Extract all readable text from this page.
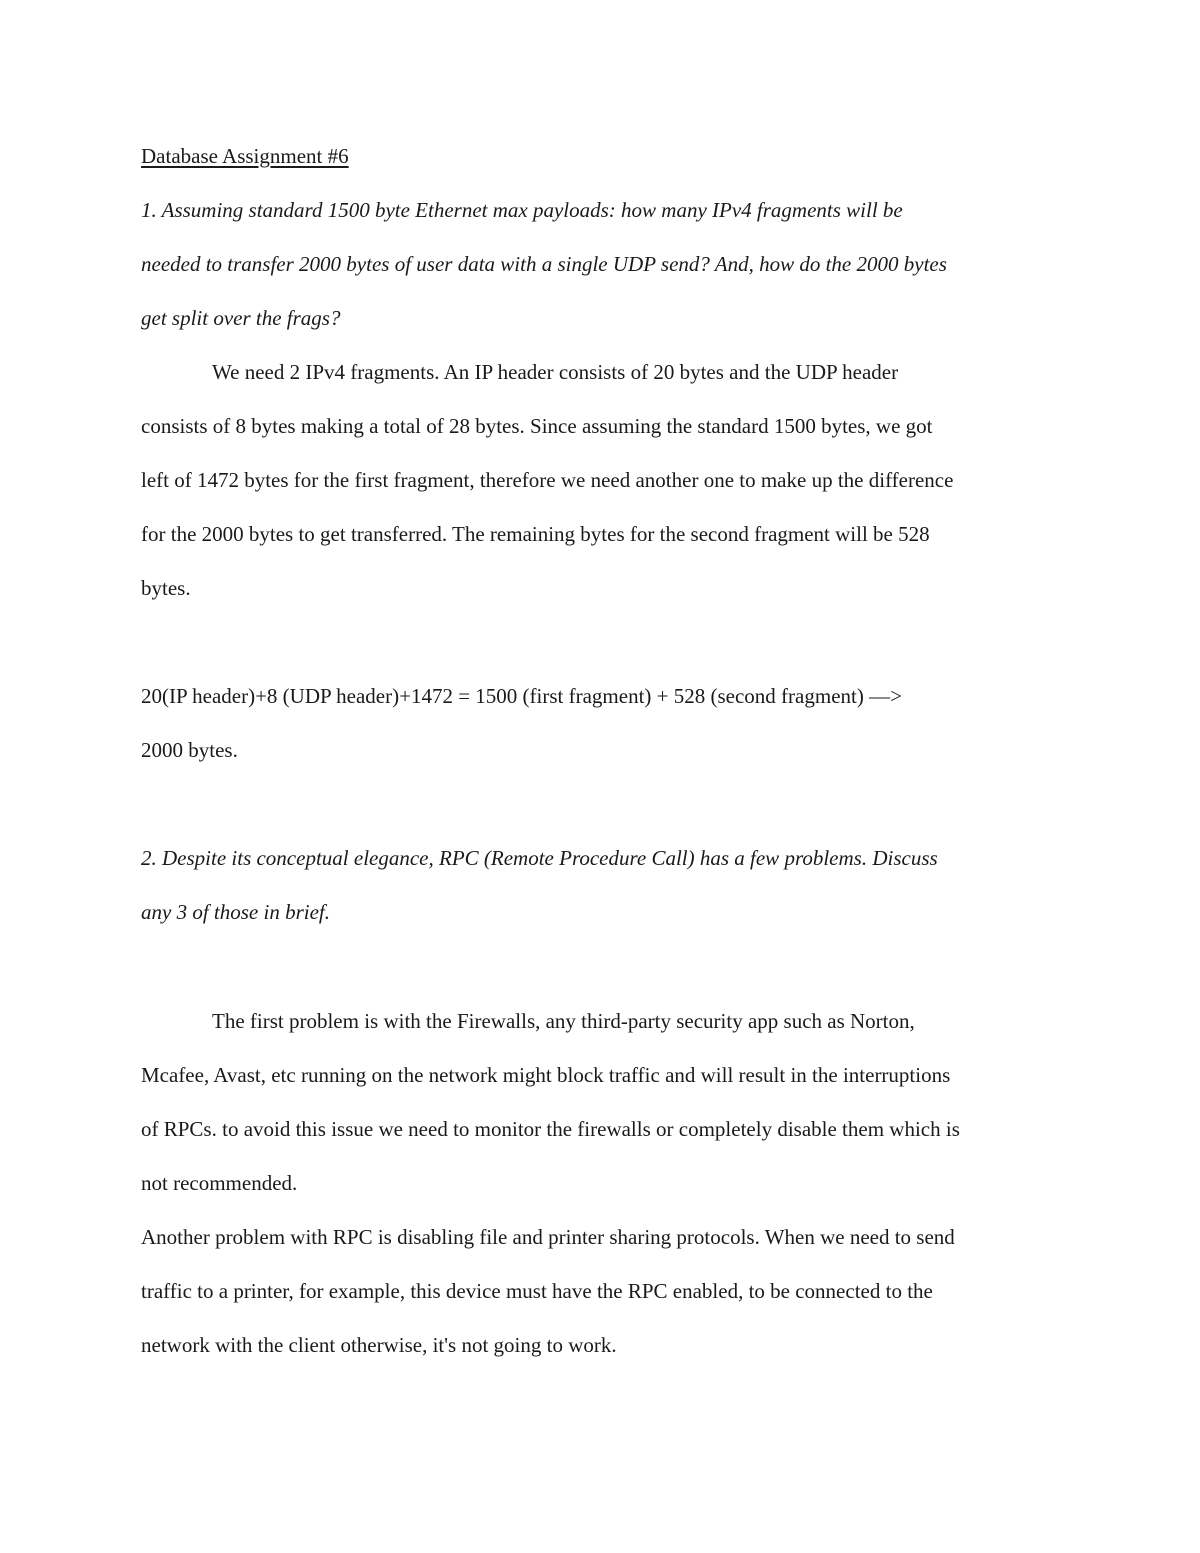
Database Assignment #6

1. Assuming standard 1500 byte Ethernet max payloads: how many IPv4 fragments will be

needed to transfer 2000 bytes of user data with a single UDP send? And, how do the 2000 bytes

get split over the frags?

We need 2 IPv4 fragments. An IP header consists of 20 bytes and the UDP header

consists of 8 bytes making a total of 28 bytes. Since assuming the standard 1500 bytes, we got

left of 1472 bytes for the first fragment, therefore we need another one to make up the difference

for the 2000 bytes to get transferred. The remaining bytes for the second fragment will be 528

bytes.

20(IP header)+8 (UDP header)+1472 = 1500 (first fragment) + 528 (second fragment) —>

2000 bytes.

2. Despite its conceptual elegance, RPC (Remote Procedure Call) has a few problems. Discuss

any 3 of those in brief.

The first problem is with the Firewalls, any third-party security app such as Norton,

Mcafee, Avast, etc running on the network might block traffic and will result in the interruptions

of RPCs. to avoid this issue we need to monitor the firewalls or completely disable them which is

not recommended.

Another problem with RPC is disabling file and printer sharing protocols. When we need to send

traffic to a printer, for example, this device must have the RPC enabled, to be connected to the

network with the client otherwise, it's not going to work.
